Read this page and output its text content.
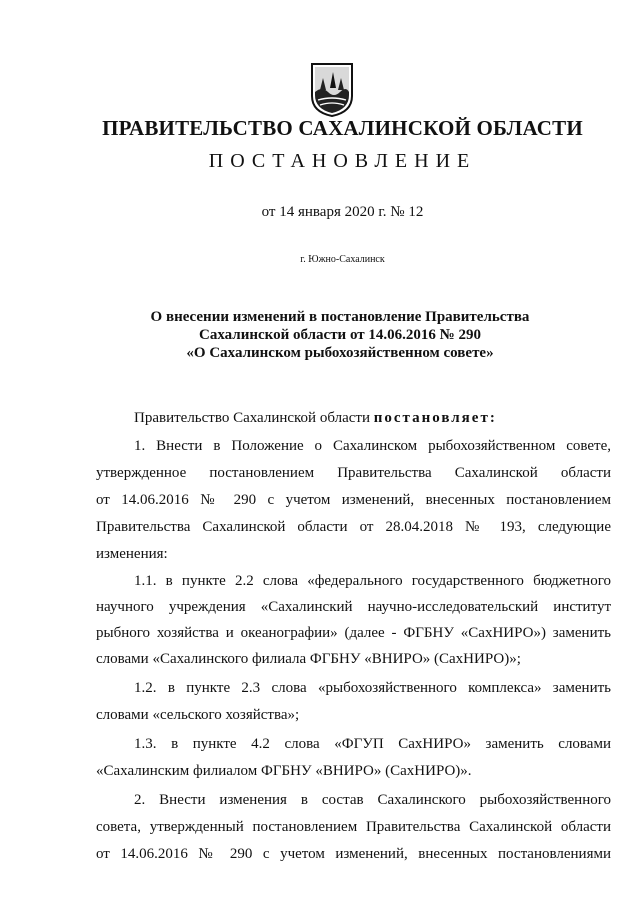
ПРАВИТЕЛЬСТВО САХАЛИНСКОЙ ОБЛАСТИ
ПОСТАНОВЛЕНИЕ
от 14 января 2020 г. № 12
г. Южно-Сахалинск
О внесении изменений в постановление Правительства
Сахалинской области от 14.06.2016 № 290
«О Сахалинском рыбохозяйственном совете»
Правительство Сахалинской области постановляет:
1. Внести в Положение о Сахалинском рыбохозяйственном совете,
утвержденное постановлением Правительства Сахалинской области
от 14.06.2016 № 290 с учетом изменений, внесенных постановлением
Правительства Сахалинской области от 28.04.2018 № 193, следующие
изменения:
1.1. в пункте 2.2 слова «федерального государственного бюджетного
научного учреждения «Сахалинский научно-исследовательский институт
рыбного хозяйства и океанографии» (далее - ФГБНУ «СахНИРО») заменить
словами «Сахалинского филиала ФГБНУ «ВНИРО» (СахНИРО)»;
1.2. в пункте 2.3 слова «рыбохозяйственного комплекса» заменить
словами «сельского хозяйства»;
1.3. в пункте 4.2 слова «ФГУП СахНИРО» заменить словами
«Сахалинским филиалом ФГБНУ «ВНИРО» (СахНИРО)».
2. Внести изменения в состав Сахалинского рыбохозяйственного
совета, утвержденный постановлением Правительства Сахалинской области
от 14.06.2016 № 290 с учетом изменений, внесенных постановлениями
